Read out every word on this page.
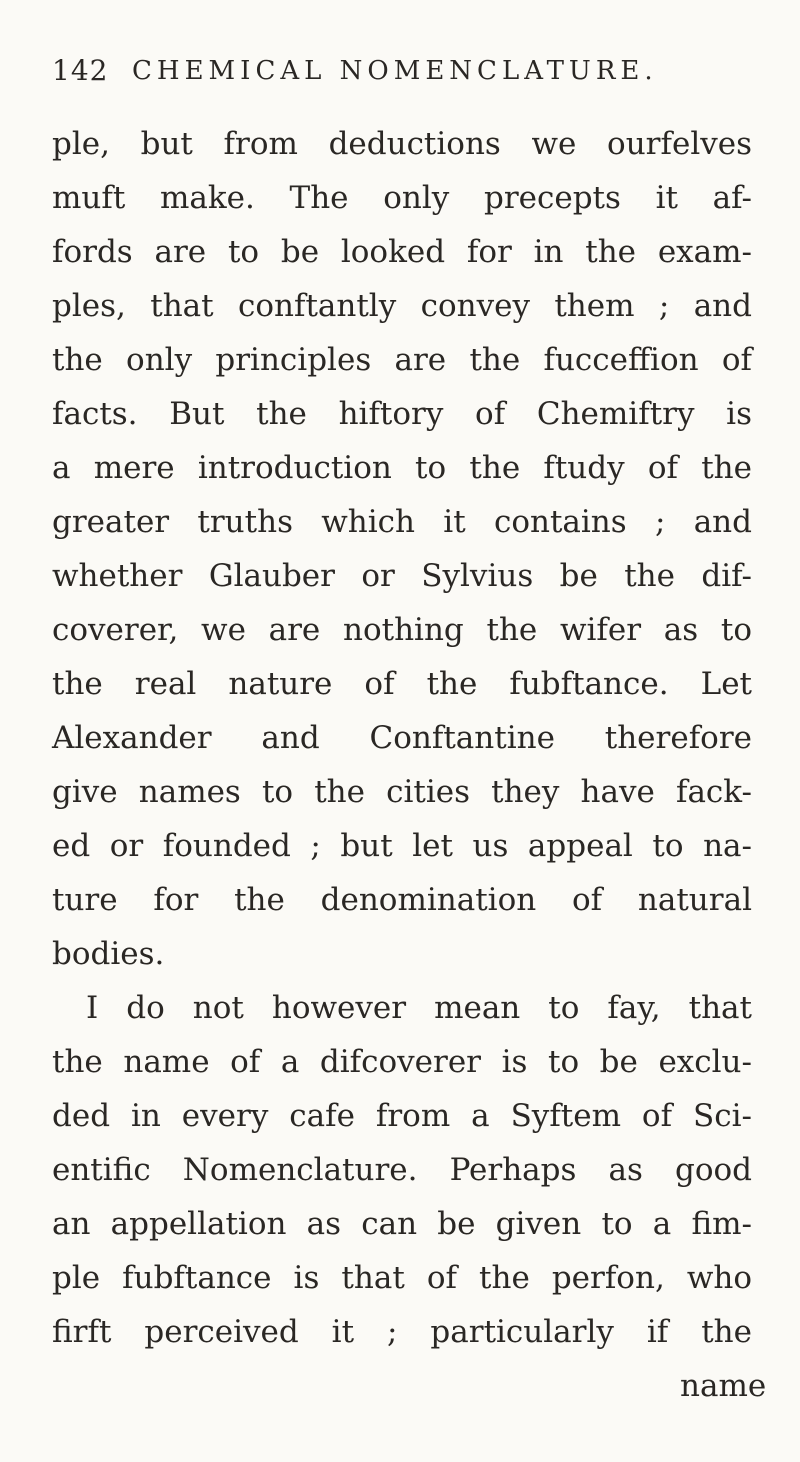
142 CHEMICAL NOMENCLATURE.
ple, but from deductions we ourfelves
muft make. The only precepts it af-
fords are to be looked for in the exam-
ples, that conftantly convey them ; and
the only principles are the fucceffion of
facts. But the hiftory of Chemiftry is
a mere introduction to the ftudy of the
greater truths which it contains ; and
whether Glauber or Sylvius be the dif-
coverer, we are nothing the wifer as to
the real nature of the fubftance. Let
Alexander and Conftantine therefore
give names to the cities they have fack-
ed or founded ; but let us appeal to na-
ture for the denomination of natural
bodies.
I do not however mean to fay, that
the name of a difcoverer is to be exclu-
ded in every cafe from a Syftem of Sci-
entific Nomenclature. Perhaps as good
an appellation as can be given to a fim-
ple fubftance is that of the perfon, who
firft perceived it ; particularly if the
name
